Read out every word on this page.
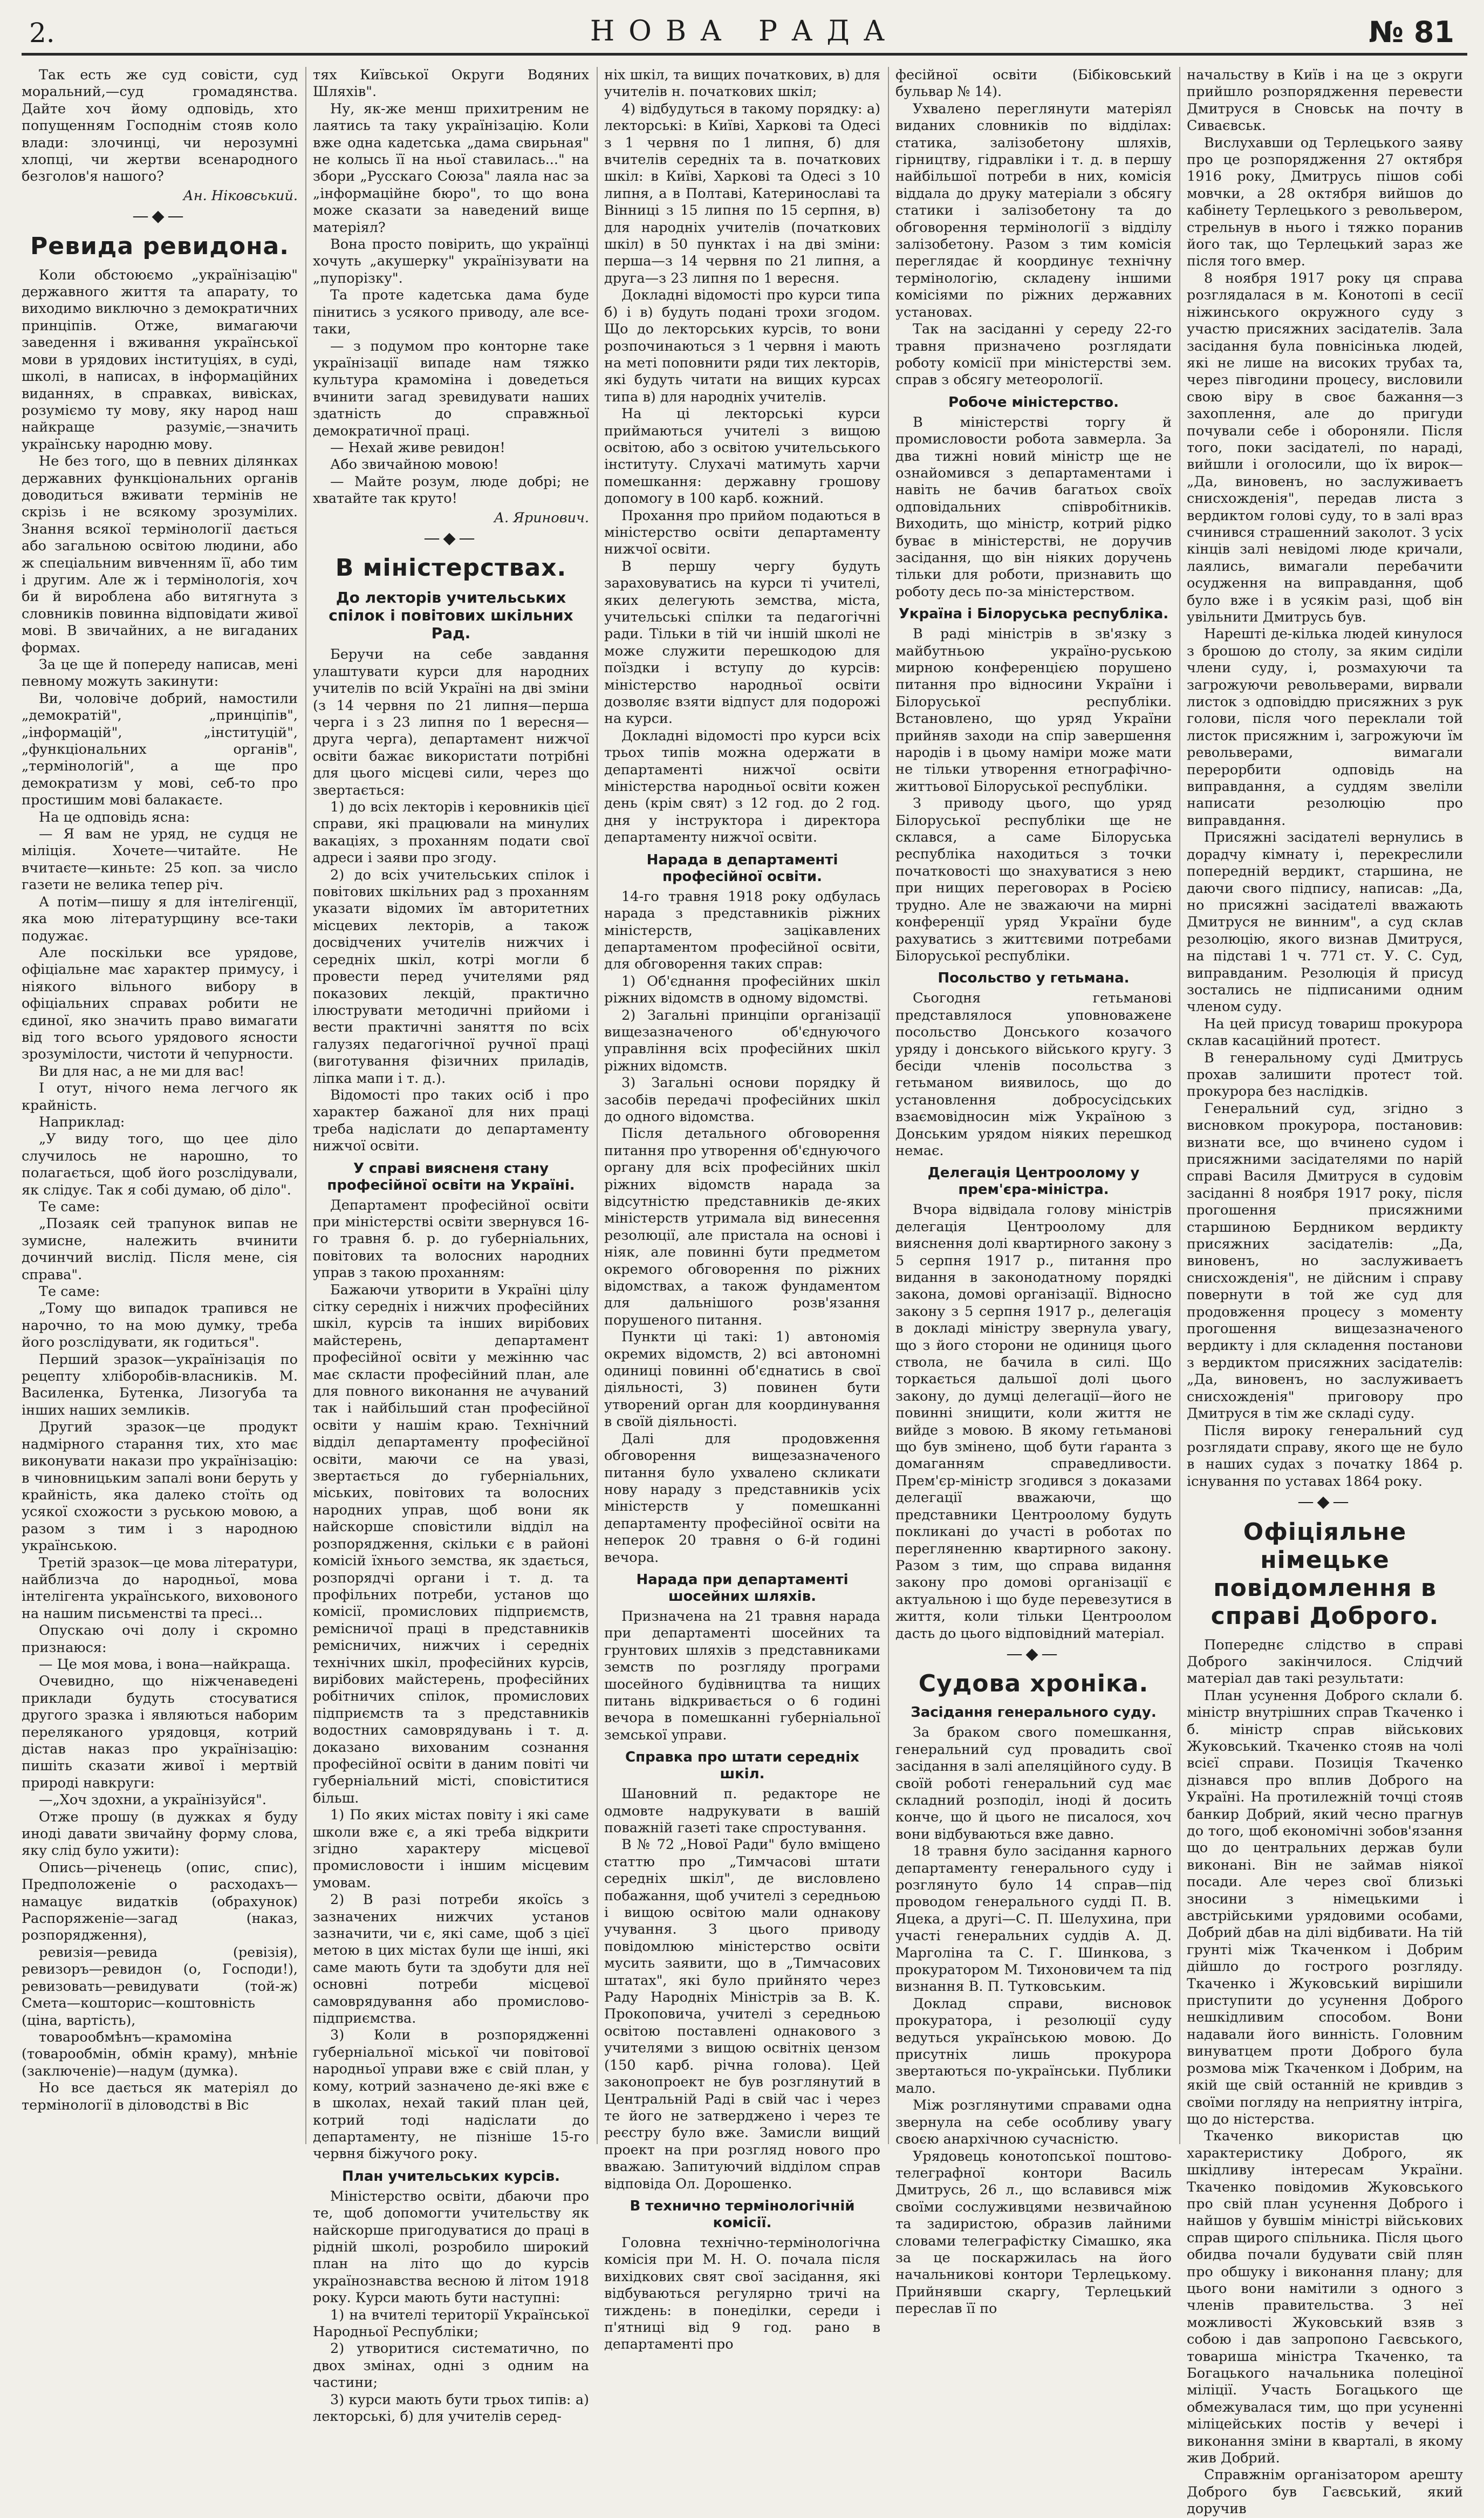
2.	НОВА РАДА	№ 81

Так есть же суд совісти, суд моральний,—суд громадянства. Дайте хоч йому одповідь, хто попущенням Господнім стояв коло влади: злочинці, чи нерозумні хлопці, чи жертви всенародного безголов'я нашого?

Ан. Ніковський.

—◆—
Ревида ревидона.

Коли обстоюємо „українізацію" державного життя та апарату, то виходимо виключно з демократичних принціпів. Отже, вимагаючи заведення і вживання української мови в урядових інституціях, в суді, школі, в написах, в інформаційних виданнях, в справках, вивісках, розуміємо ту мову, яку народ наш найкраще разуміє,—значить українську народню мову.

Не без того, що в певних ділянках державних функціональних органів доводиться вживати термінів не скрізь і не всякому зрозумілих. Знання всякої термінології дається або загальною освітою людини, або ж спеціальним вивченням її, або тим і другим. Але ж і термінологія, хоч би й вироблена або витягнута з словників повинна відповідати живої мові. В звичайних, а не вигаданих формах.

За це ще й попереду написав, мені певному можуть закинути:

Ви, чоловіче добрий, намостили „демократій", „принціпів", „інформацій", „інституцій", „функціональних органів", „термінологій", а ще про демократизм у мові, себ-то про простишим мові балакаєте.

На це одповідь ясна:

— Я вам не уряд, не судця не міліція. Хочете—читайте. Не вчитаєте—киньте: 25 коп. за число газети не велика тепер річ.

А потім—пишу я для інтелігенції, яка мою літературщину все-таки подужає.

Але поскільки все урядове, офіціальне має характер примусу, і ніякого вільного вибору в офіціальних справах робити не єдиної, яко значить право вимагати від того всього урядового ясности зрозумілости, чистоти й чепурности.

Ви для нас, а не ми для вас!

І отут, нічого нема легчого як крайність.

Наприклад:

„У виду того, що цее діло случилось не нарошно, то полагається, щоб його розслідували, як слідує. Так я собі думаю, об діло".

Те саме:

„Позаяк сей трапунок випав не зумисне, належить вчинити дочинчий вислід. Після мене, сія справа".

Те саме:

„Тому що випадок трапився не нарочно, то на мою думку, треба його розслідувати, як годиться".

Перший зразок—українізація по рецепту хліборобів-власників. М. Василенка, Бутенка, Лизогуба та інших наших земликів.

Другий зразок—це продукт надмірного старання тих, хто має виконувати накази про українізацію: в чиновницьким запалі вони беруть у крайність, яка далеко стоїть од усякої схожости з руською мовою, а разом з тим і з народною українською.

Третій зразок—це мова літератури, найблизча до народньої, мова інтелігента українського, виховоного на нашим письменстві та пресі...

Опускаю очі долу і скромно признаюся:

— Це моя мова, і вона—найкраща.

Очевидно, що ніжченаведені приклади будуть стосуватися другого зразка і являються наборим переляканого урядовця, котрий дістав наказ про українізацію: пишіть сказати живої і мертвій природі навкруги:

—„Хоч здохни, а українізуйся".

Отже прошу (в дужках я буду иноді давати звичайну форму слова, яку слід було ужити):

Опись—річенець (опис, спис), Предположеніе о расходахъ—намацує видатків (обрахунок) Распоряженіе—загад (наказ, розпорядження),

ревизія—ревида (ревізія), ревизоръ—ревидон (о, Господи!), ревизовать—ревидувати (той-ж) Смета—кошторис—коштовність (ціна, вартість),

товарообмѣнъ—крамоміна (товарообмін, обмін краму), мнѣніе (заключеніе)—надум (думка).

Но все дається як матеріял до термінології в діловодстві в Віс

тях Київської Округи Водяних Шляхів".

Ну, як-же менш прихитреним не лаятись та таку українізацію. Коли вже одна кадетська „дама свирьная" не колысь її на ньої ставилась..." на збори „Русскаго Союза" лаяла нас за „інформаційне бюро", то що вона може сказати за наведений вище матеріял?

Вона просто повірить, що українці хочуть „акушерку" українізувати на „пупорізку".

Та проте кадетська дама буде пінитись з усякого приводу, але все-таки,

— з подумом про конторне таке українізації випаде нам тяжко культура крамоміна і доведеться вчинити загад зревидувати наших здатність до справжньої демократичної праці.

— Нехай живе ревидон!

Або звичайною мовою!

— Майте розум, люде добрі; не хватайте так круто!

А. Яринович.

—◆—
В міністерствах.
До лекторів учительських спілок і повітових шкільних Рад.

Беручи на себе завдання улаштувати курси для народних учителів по всій Україні на дві зміни (з 14 червня по 21 липня—перша черга і з 23 липня по 1 вересня—друга черга), департамент нижчої освіти бажає використати потрібні для цього місцеві сили, через що звертається:

1) до всіх лекторів і керовників цієї справи, які працювали на минулих вакаціях, з проханням подати свої адреси і заяви про згоду.

2) до всіх учительських спілок і повітових шкільних рад з проханням указати відомих їм авторитетних місцевих лекторів, а також досвідчених учителів нижчих і середніх шкіл, котрі могли б провести перед учителями ряд показових лекцій, практично ілюструвати методичні прийоми і вести практичні заняття по всіх галузях педагогічної ручної праці (виготування фізичних приладів, ліпка мапи і т. д.).

Відомості про таких осіб і про характер бажаної для них праці треба надіслати до департаменту нижчої освіти.

У справі виясненя стану професійної освіти на Україні.

Департамент професійної освіти при міністерстві освіти звернувся 16-го травня б. р. до губерніальних, повітових та волосних народних управ з такою проханням:

Бажаючи утворити в Україні цілу сітку середніх і нижчих професійних шкіл, курсів та інших вирібових майстерень, департамент професійної освіти у межінню час має скласти професійний план, але для повного виконання не ачуваний так і найбільший стан професійної освіти у нашім краю. Технічний відділ департаменту професійної освіти, маючи се на увазі, звертається до губерніальних, міських, повітових та волосних народних управ, щоб вони як найскорше сповістили відділ на розпорядження, скільки є в районі комісій їхнього земства, як здається, розпорядчі органи і т. д. та профільних потреби, установ що комісії, промислових підприємств, ремісничої праці в представників ремісничих, нижчих і середніх технічних шкіл, професійних курсів, вирібових майстерень, професійних робітничих спілок, промислових підприємств та з представників водостних самоврядувань і т. д. доказано вихованим сознання професійної освіти в даним повіті чи губерніальний місті, сповіститися більш.

1) По яких містах повіту і які саме школи вже є, а які треба відкрити згідно характеру місцевої промисловости і іншим місцевим умовам.

2) В разі потреби якоїсь з зазначених нижчих установ зазначити, чи є, які саме, щоб з цієї метою в цих містах були ще інші, які саме мають бути та здобути для неї основні потреби місцевої самоврядування або промислово-підприємства.

3) Коли в розпорядженні губерніальної міської чи повітової народньої управи вже є свій план, у кому, котрий зазначено де-які вже є в школах, нехай такий план цей, котрий тоді надіслати до департаменту, не пізніше 15-го червня біжучого року.

План учительських курсів.

Міністерство освіти, дбаючи про те, щоб допомогти учительству як найскорше пригодуватися до праці в рідній школі, розробило широкий план на літо що до курсів українознавства весною й літом 1918 року. Курси мають бути наступні:

1) на вчителі території Української Народньої Республіки;

2) утворитися систематично, по двох змінах, одні з одним на частини;

3) курси мають бути трьох типів: а) лекторські, б) для учителів серед-

ніх шкіл, та вищих початкових, в) для учителів н. початкових шкіл;

4) відбудуться в такому порядку: а) лекторські: в Київі, Харкові та Одесі з 1 червня по 1 липня, б) для вчителів середніх та в. початкових шкіл: в Київі, Харкові та Одесі з 10 липня, а в Полтаві, Катеринославі та Вінниці з 15 липня по 15 серпня, в) для народніх учителів (початкових шкіл) в 50 пунктах і на дві зміни: перша—з 14 червня по 21 липня, а друга—з 23 липня по 1 вересня.

Докладні відомості про курси типа б) і в) будуть подані трохи згодом. Що до лекторських курсів, то вони розпочинаються з 1 червня і мають на меті поповнити ряди тих лекторів, які будуть читати на вищих курсах типа в) для народніх учителів.

На ці лекторські курси приймаються учителі з вищою освітою, або з освітою учительського інституту. Слухачі матимуть харчи помешкання: державну грошову допомогу в 100 карб. кожний.

Прохання про прийом подаються в міністерство освіти департаменту нижчої освіти.

В першу чергу будуть зараховуватись на курси ті учителі, яких делегують земства, міста, учительські спілки та педагогічні ради. Тільки в тій чи іншій школі не може служити перешкодою для поїздки і вступу до курсів: міністерство народньої освіти дозволяє взяти відпуст для подорожі на курси.

Докладні відомості про курси всіх трьох типів можна одержати в департаменті нижчої освіти міністерства народньої освіти кожен день (крім свят) з 12 год. до 2 год. дня у інструктора і директора департаменту нижчої освіти.

Нарада в департаменті професійної освіти.

14-го травня 1918 року одбулась нарада з представників ріжних міністерств, зацікавлених департаментом професійної освіти, для обговорення таких справ:

1) Об'єднання професійних шкіл ріжних відомств в одному відомстві.

2) Загальні принціпи організації вищезазначеного об'єднуючого управління всіх професійних шкіл ріжних відомств.

3) Загальні основи порядку й засобів передачі професійних шкіл до одного відомства.

Після детального обговорення питання про утворення об'єднуючого органу для всіх професійних шкіл ріжних відомств нарада за відсутністю представників де-яких міністерств утримала від винесення резолюції, але пристала на основі і ніяк, але повинні бути предметом окремого обговорення по ріжних відомствах, а також фундаментом для дальнішого розв'язання порушеного питання.

Пункти ці такі: 1) автономія окремих відомств, 2) всі автономні одиниці повинні об'єднатись в свої діяльності, 3) повинен бути утворений орган для координування в своїй діяльності.

Далі для продовження обговорення вищезазначеного питання було ухвалено скликати нову нараду з представників усіх міністерств у помешканні департаменту професійної освіти на неперок 20 травня о 6-й годині вечора.

Нарада при департаменті шосейних шляхів.

Призначена на 21 травня нарада при департаменті шосейних та грунтових шляхів з представниками земств по розгляду програми шосейного будівництва та нищих питань відкривається о 6 годині вечора в помешканні губерніальної земської управи.

Справка про штати середніх шкіл.

Шановний п. редакторе не одмовте надрукувати в вашій поважній газеті таке спростування.

В № 72 „Нової Ради" було вміщено статтю про „Тимчасові штати середніх шкіл", де висловлено побажання, щоб учителі з середньою і вищою освітою мали однакову учування. З цього приводу повідомлюю міністерство освіти мусить заявити, що в „Тимчасових штатах", які було прийнято через Раду Народніх Міністрів за В. К. Прокоповича, учителі з середньою освітою поставлені однакового з учителями з вищою освітніх цензом (150 карб. річна голова). Цей законопроект не був розглянутий в Центральній Раді в свій час і через те його не затверджено і через те реєстру було вже. Замисли вищий проект на при розгляд нового про вважаю. Запитуючий відділом справ відповіда Ол. Дорошенко.

В технично термінологічній комісії.

Головна технічно-термінологічна комісія при М. Н. О. почала після вихідкових свят свої засідання, які відбуваються регулярно тричі на тиждень: в понеділки, середи і п'ятниці від 9 год. рано в департаменті про

фесійної освіти (Бібіковський бульвар № 14).

Ухвалено переглянути матеріял виданих словників по відділах: статика, залізобетону шляхів, гірництву, гідравліки і т. д. в першу найбільшої потреби в них, комісія віддала до друку матеріали з обсягу статики і залізобетону та до обговорення термінології з відділу залізобетону. Разом з тим комісія переглядає й координує технічну термінологію, складену іншими комісіями по ріжних державних установах.

Так на засіданні у середу 22-го травня призначено розглядати роботу комісії при міністерстві зем. справ з обсягу метеорології.

Робоче міністерство.

В міністерстві торгу й промисловости робота завмерла. За два тижні новий міністр ще не ознайомився з департаментами і навіть не бачив багатьох своїх одповідальних співробітників. Виходить, що міністр, котрий рідко буває в міністерстві, не доручив засідання, що він ніяких доручень тільки для роботи, признавить що роботу десь по-за міністерством.

Україна і Білоруська республіка.

В раді міністрів в зв'язку з майбутньою україно-руською мирною конференцією порушено питання про відносини України і Білоруської республіки. Встановлено, що уряд України прийняв заходи на спір завершення народів і в цьому наміри може мати не тільки утворення етнографічно-життьової Білоруської республіки.

З приводу цього, що уряд Білоруської республіки ще не склався, а саме Білоруська республіка находиться з точки початковості що знахуватися з нею при нищих переговорах в Росією трудно. Але не зважаючи на мирні конференції уряд України буде рахуватись з життєвими потребами Білоруської республіки.

Посольство у гетьмана.

Сьогодня гетьманові представлялося уповноважене посольство Донського козачого уряду і донського війського кругу. З бесіди членів посольства з гетьманом виявилось, що до установлення добросусідських взаємовідносин між Україною з Донським урядом ніяких перешкод немає.

Делегація Центроолому у прем'єра-міністра.

Вчора відвідала голову міністрів делегація Центроолому для вияснення долі квартирного закону з 5 серпня 1917 р., питання про видання в законодатному порядкі закона, домові організації. Відносно закону з 5 серпня 1917 р., делегація в докладі міністру звернула увагу, що з його сторони не одиниця цього ствола, не бачила в силі. Що торкається дальшої долі цього закону, до думці делегації—його не повинні знищити, коли життя не вийде з мовою. В якому гетьманові що був змінено, щоб бути ґаранта з домаганням справедливости. Прем'єр-міністр згодився з доказами делегації вважаючи, що представники Центроолому будуть покликані до участі в роботах по перегляненню квартирного закону. Разом з тим, що справа видання закону про домові організації є актуальною і що буде перевезутися в життя, коли тільки Центроолом дасть до цього відповідний матеріал.

—◆—
Судова хроніка.
Засідання генерального суду.

За браком свого помешкання, генеральний суд провадить свої засідання в залі апеляційного суду. В своїй роботі генеральний суд має складний розподіл, іноді й досить конче, що й цього не писалося, хоч вони відбуваються вже давно.

18 травня було засідання карного департаменту генерального суду і розглянуто було 14 справ—під проводом генерального судді П. В. Яцека, а другі—С. П. Шелухина, при участі генеральних суддів А. Д. Марголіна та С. Г. Шинкова, з прокуратором М. Тихоновичем та під визнання В. П. Тутковським.

Доклад справи, висновок прокуратора, і резолюції суду ведуться українською мовою. До присутніх лишь прокурора звертаються по-українськи. Публики мало.

Між розглянутими справами одна звернула на себе особливу увагу своєю анархічною сучасністю.

Урядовець конотопської поштово-телеграфної контори Василь Дмитрусь, 26 л., що вславився між своїми сослуживцями незвичайною та задиристою, образив лайними словами телеграфістку Сімашко, яка за це поскаржилась на його начальникові контори Терлецькому. Прийнявши скаргу, Терлецький переслав її по

начальству в Київ і на це з округи прийшло розпорядження перевести Дмитруся в Сновськ на почту в Сиваєвськ.

Вислухавши од Терлецького заяву про це розпорядження 27 октября 1916 року, Дмитрусь пішов собі мовчки, а 28 октября вийшов до кабінету Терлецького з револьвером, стрельнув в нього і тяжко поранив його так, що Терлецький зараз же після того вмер.

8 ноября 1917 року ця справа розглядалася в м. Конотопі в сесії ніжинського окружного суду з участю присяжних засідателів. Зала засідання була повнісінька людей, які не лише на високих трубах та, через півгодини процесу, висловили свою віру в своє бажання—з захоплення, але до пригуди почували себе і обороняли. Після того, поки засідателі, по нараді, вийшли і оголосили, що їх вирок—„Да, виновенъ, но заслуживаетъ снисхожденія", передав листа з вердиктом голові суду, то в залі враз счинився страшенний заколот. З усіх кінців залі невідомі люде кричали, лаялись, вимагали перебачити осудження на виправдання, щоб було вже і в усякім разі, щоб він увільнити Дмитрусь був.

Нарешті де-кілька людей кинулося з брошою до столу, за яким сиділи члени суду, і, розмахуючи та загрожуючи револьверами, вирвали листок з одповіддю присяжних з рук голови, після чого переклали той листок присяжним і, загрожуючи їм револьверами, вимагали перерорбити одповідь на виправдання, а суддям звеліли написати резолюцію про виправдання.

Присяжні засідателі вернулись в дорадчу кімнату і, перекреслили попередній вердикт, старшина, не даючи свого підпису, написав: „Да, но присяжні засідателі вважають Дмитруся не винним", а суд склав резолюцію, якого визнав Дмитруся, на підставі 1 ч. 771 ст. У. С. Суд, виправданим. Резолюція й присуд зостались не підписаними одним членом суду.

На цей присуд товариш прокурора склав касаційний протест.

В генеральному суді Дмитрусь прохав залишити протест той. прокурора без наслідків.

Генеральний суд, згідно з висновком прокурора, постановив: визнати все, що вчинено судом і присяжними засідателями по нарій справі Василя Дмитруся в судовім засіданні 8 ноября 1917 року, після прогошення присяжними старшиною Бердником вердикту присяжних засідателів: „Да, виновенъ, но заслуживаетъ снисхожденія", не дійсним і справу повернути в той же суд для продовження процесу з моменту прогошення вищезазначеного вердикту і для складення постанови з вердиктом присяжних засідателів: „Да, виновенъ, но заслуживаетъ снисхожденія" приговору про Дмитруся в тім же складі суду.

Після вироку генеральний суд розглядати справу, якого ще не було в наших судах з початку 1864 р. існування по уставах 1864 року.

—◆—
Офіціяльне німецьке повідомлення в справі Доброго.

Попереднє слідство в справі Доброго закінчилося. Слідчий матеріал дав такі результати:

План усунення Доброго склали б. міністр внутрішних справ Ткаченко і б. міністр справ військових Жуковський. Ткаченко стояв на чолі всієї справи. Позиція Ткаченко дізнався про вплив Доброго на Україні. На протилежній точці стояв банкир Добрий, який чесно прагнув до того, щоб економічні зобов'язання що до центральних держав були виконані. Він не займав ніякої посади. Але через свої близькі зносини з німецькими і австрійськими урядовими особами, Добрий дбав на ділі відбивати. На тій грунті між Ткаченком і Добрим дійшло до гострого розгляду. Ткаченко і Жуковський вирішили приступити до усунення Доброго нешкідливим способом. Вони надавали його винність. Головним винуватцем проти Доброго була розмова між Ткаченком і Добрим, на якій ще свій останній не кривдив з своїми погляду на неприятну інтріга, що до ністерства.

Ткаченко використав цю характеристику Доброго, як шкідливу інтересам України. Ткаченко повідомив Жуковського про свій план усунення Доброго і найшов у бувшім міністрі військових справ щирого спільника. Після цього обидва почали будувати свій плян про обшуку і виконання плану; для цього вони намітили з одного з членів правительства. З неї можливості Жуковський взяв з собою і дав запропоно Гаєвського, товариша міністра Ткаченко, та Богацького начальника полеціної міліції. Участь Богацького ще обмежувалася тим, що при усуненні міліцейських постів у вечері і виконання зміни в кварталі, в якому жив Добрий.

Справжнім організатором арешту Доброго був Гаєвський, який доручив
